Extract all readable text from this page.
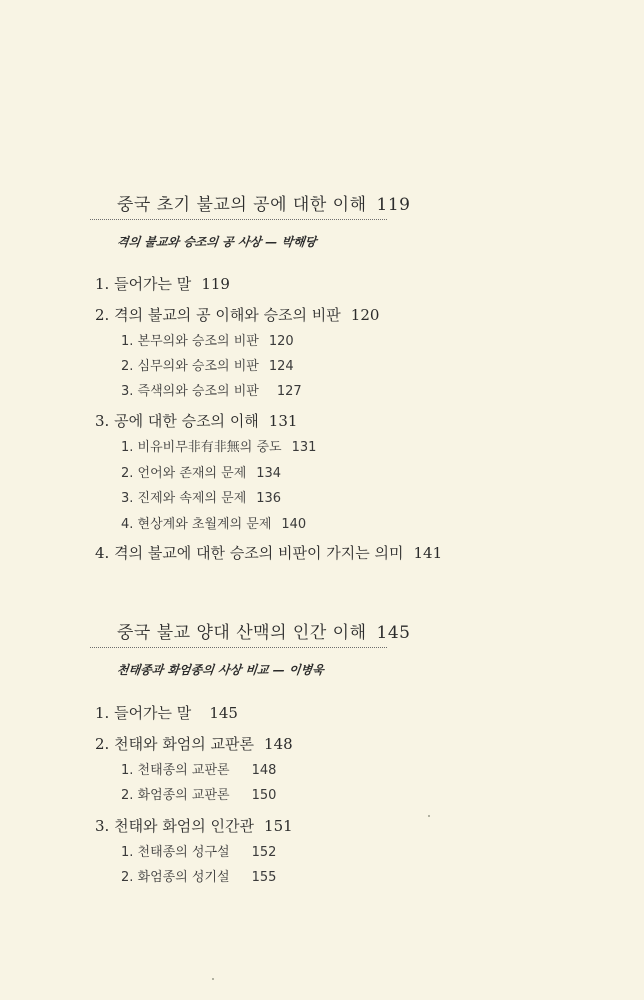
중국 초기 불교의 공에 대한 이해 119
격의 불교와 승조의 공 사상 — 박해당
1. 들어가는 말 119
2. 격의 불교의 공 이해와 승조의 비판 120
1. 본무의와 승조의 비판 120
2. 심무의와 승조의 비판 124
3. 즉색의와 승조의 비판 127
3. 공에 대한 승조의 이해 131
1. 비유비무非有非無의 중도 131
2. 언어와 존재의 문제 134
3. 진제와 속제의 문제 136
4. 현상계와 초월계의 문제 140
4. 격의 불교에 대한 승조의 비판이 가지는 의미 141
중국 불교 양대 산맥의 인간 이해 145
천태종과 화엄종의 사상 비교 — 이병욱
1. 들어가는 말 145
2. 천태와 화엄의 교판론 148
1. 천태종의 교판론 148
2. 화엄종의 교판론 150
3. 천태와 화엄의 인간관 151
1. 천태종의 성구설 152
2. 화엄종의 성기설 155
